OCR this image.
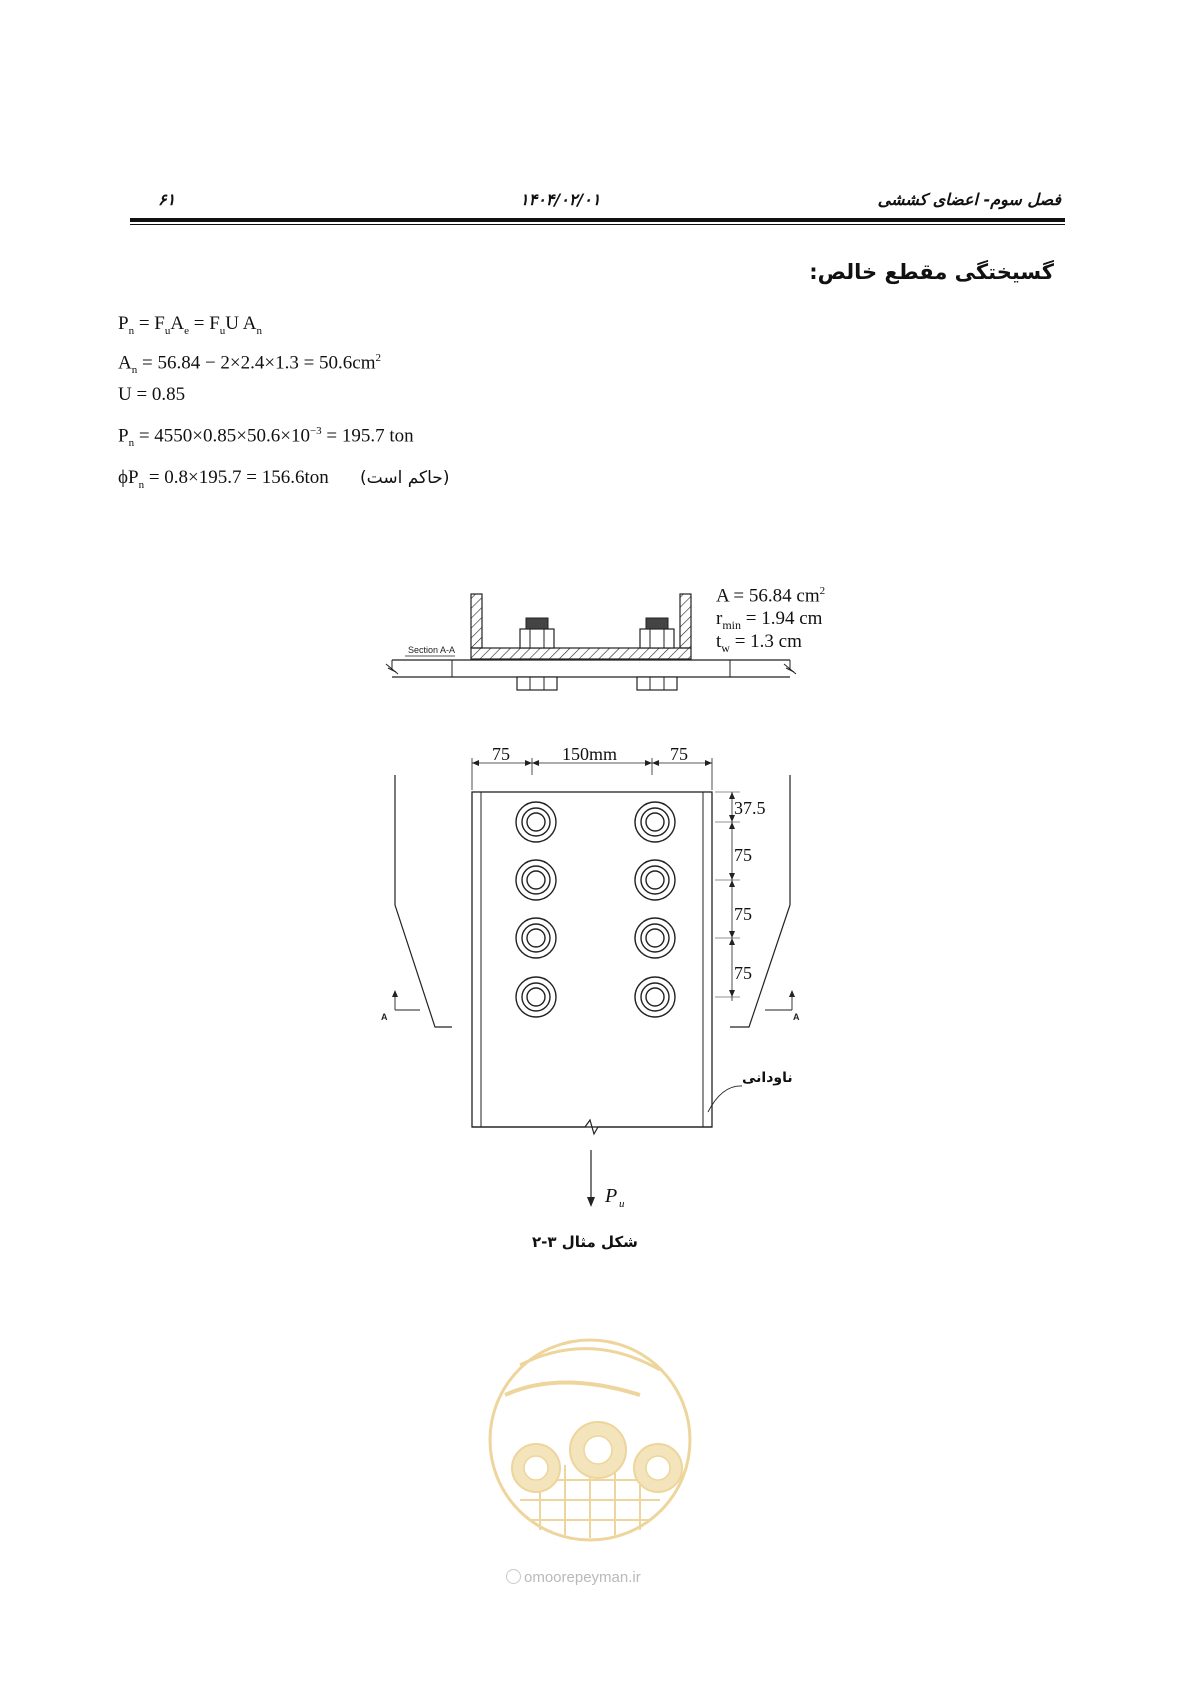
۶۱	۱۴۰۴/۰۲/۰۱	فصل سوم- اعضای کششی
گسیختگی مقطع خالص:
$P_n = F_uA_e = F_uU$ $A_n$
$A_n = 56.84 - 2\times 2.4\times 1.3 = 50.6cm^2$
U = 0.85
$P_n = 4550\times 0.85\times 50.6\times 10^{-3} = 195.7$ ton
$\phi P_n = 0.8\times 195.7 = 156.6ton$ (حاکم است)
A = 56.84 $cm^2$
$r_{min} = 1.94$ cm
$t_w = 1.3$ cm
Section A-A
75	150mm	75
37.5
75
75
75
A	A
P u
ناودانی
شکل مثال ۳-۲
omoorepeyman.ir
